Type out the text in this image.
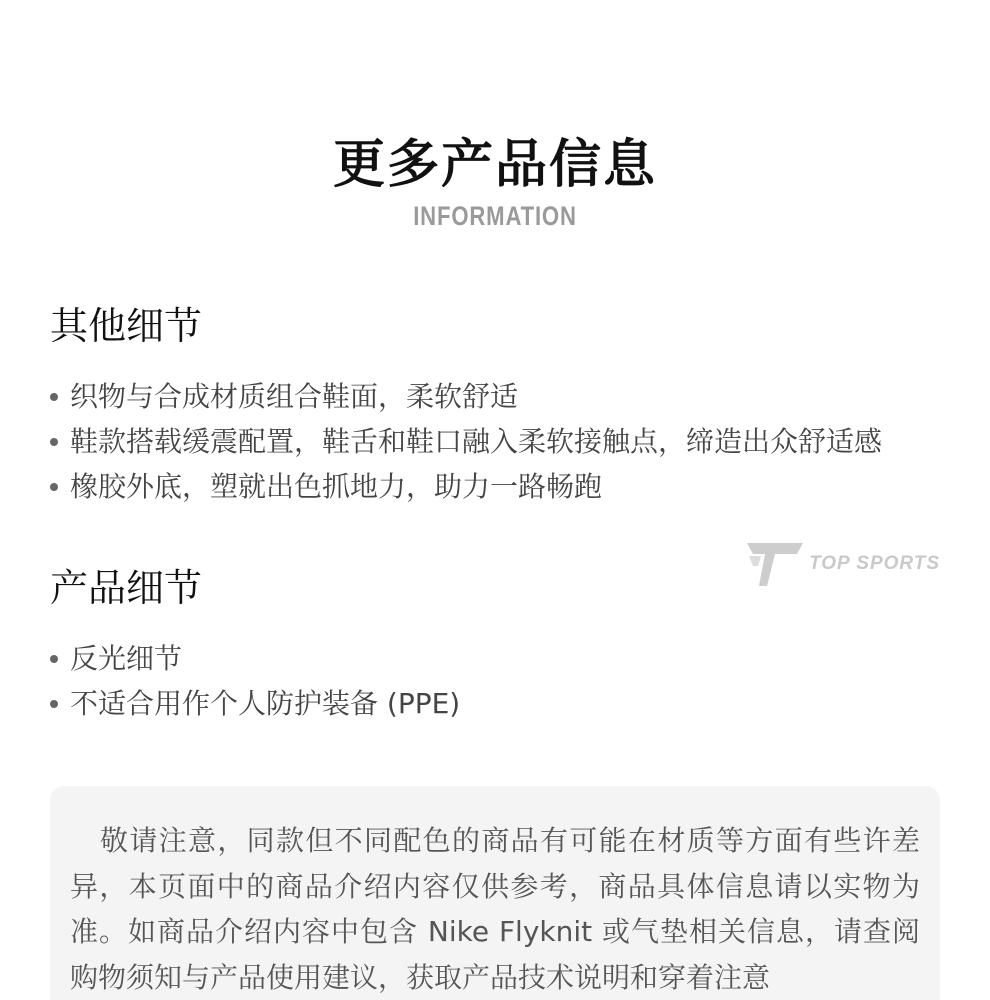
更多产品信息
INFORMATION
其他细节
织物与合成材质组合鞋面，柔软舒适
鞋款搭载缓震配置，鞋舌和鞋口融入柔软接触点，缔造出众舒适感
橡胶外底，塑就出色抓地力，助力一路畅跑
TOP SPORTS
产品细节
反光细节
不适合用作个人防护装备 (PPE)

敬请注意，同款但不同配色的商品有可能在材质等方面有些许差异，本页面中的商品介绍内容仅供参考，商品具体信息请以实物为准。如商品介绍内容中包含 Nike Flyknit 或气垫相关信息，请查阅购物须知与产品使用建议，获取产品技术说明和穿着注意
